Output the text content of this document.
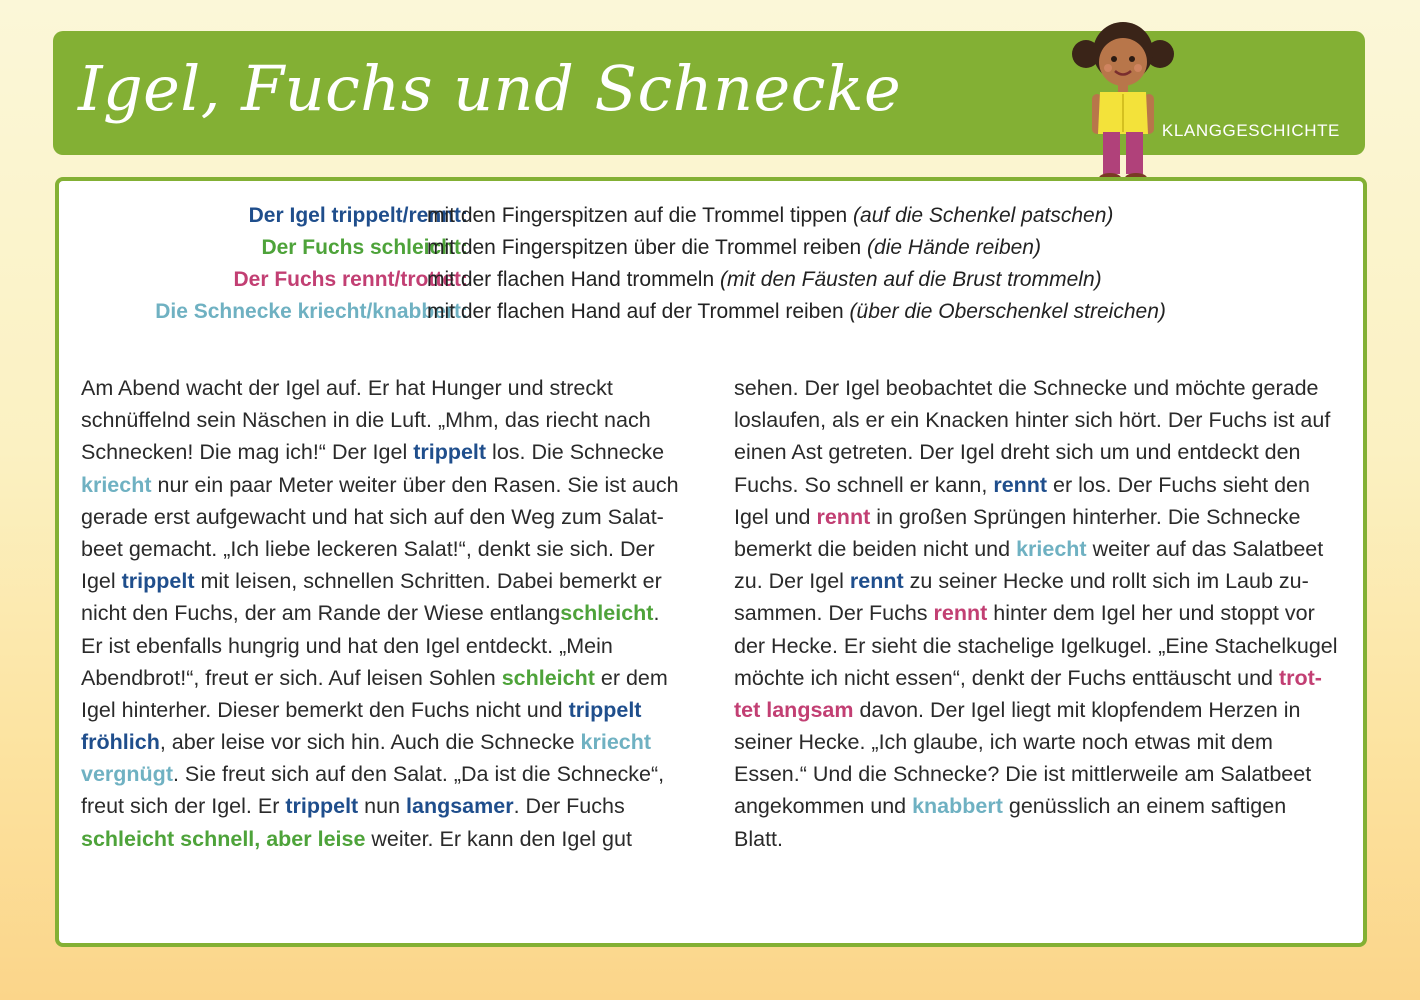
Igel, Fuchs und Schnecke
KLANGGESCHICHTE
Der Igel trippelt/rennt:
mit den Fingerspitzen auf die Trommel tippen (auf die Schenkel patschen)
Der Fuchs schleicht:
mit den Fingerspitzen über die Trommel reiben (die Hände reiben)
Der Fuchs rennt/trottet:
mit der flachen Hand trommeln (mit den Fäusten auf die Brust trommeln)
Die Schnecke kriecht/knabbert:
mit der flachen Hand auf der Trommel reiben (über die Oberschenkel streichen)
Am Abend wacht der Igel auf. Er hat Hunger und streckt
schnüffelnd sein Näschen in die Luft. „Mhm, das riecht nach
Schnecken! Die mag ich!“ Der Igel trippelt los. Die Schnecke
kriecht nur ein paar Meter weiter über den Rasen. Sie ist auch
gerade erst aufgewacht und hat sich auf den Weg zum Salat-
beet gemacht. „Ich liebe leckeren Salat!“, denkt sie sich. Der
Igel trippelt mit leisen, schnellen Schritten. Dabei bemerkt er
nicht den Fuchs, der am Rande der Wiese entlangschleicht.
Er ist ebenfalls hungrig und hat den Igel entdeckt. „Mein
Abendbrot!“, freut er sich. Auf leisen Sohlen schleicht er dem
Igel hinterher. Dieser bemerkt den Fuchs nicht und trippelt
fröhlich, aber leise vor sich hin. Auch die Schnecke kriecht
vergnügt. Sie freut sich auf den Salat. „Da ist die Schnecke“,
freut sich der Igel. Er trippelt nun langsamer. Der Fuchs
schleicht schnell, aber leise weiter. Er kann den Igel gut
sehen. Der Igel beobachtet die Schnecke und möchte gerade
loslaufen, als er ein Knacken hinter sich hört. Der Fuchs ist auf
einen Ast getreten. Der Igel dreht sich um und entdeckt den
Fuchs. So schnell er kann, rennt er los. Der Fuchs sieht den
Igel und rennt in großen Sprüngen hinterher. Die Schnecke
bemerkt die beiden nicht und kriecht weiter auf das Salatbeet
zu. Der Igel rennt zu seiner Hecke und rollt sich im Laub zu-
sammen. Der Fuchs rennt hinter dem Igel her und stoppt vor
der Hecke. Er sieht die stachelige Igelkugel. „Eine Stachelkugel
möchte ich nicht essen“, denkt der Fuchs enttäuscht und trot-
tet langsam davon. Der Igel liegt mit klopfendem Herzen in
seiner Hecke. „Ich glaube, ich warte noch etwas mit dem
Essen.“ Und die Schnecke? Die ist mittlerweile am Salatbeet
angekommen und knabbert genüsslich an einem saftigen
Blatt.
